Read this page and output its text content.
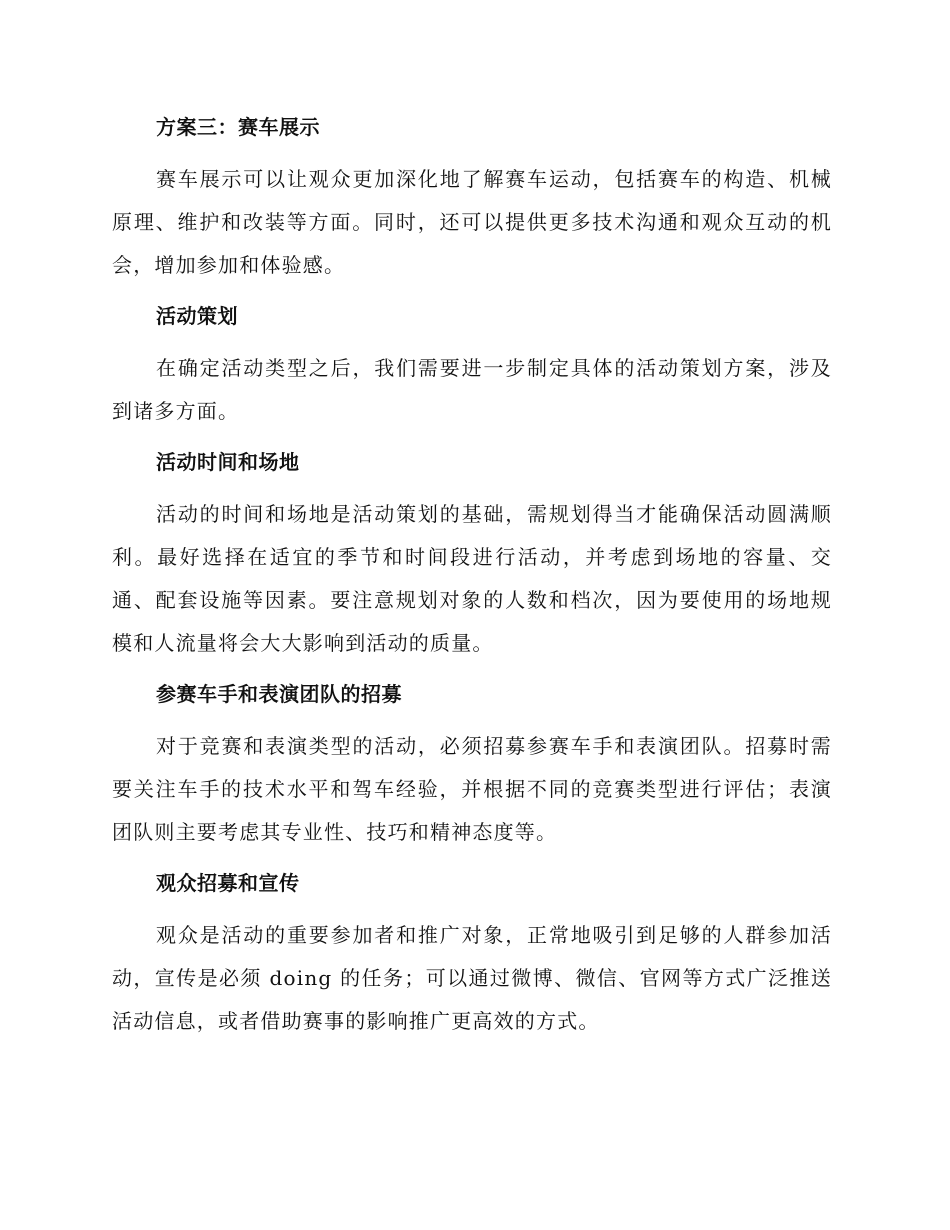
方案三：赛车展示

赛车展示可以让观众更加深化地了解赛车运动，包括赛车的构造、机械原理、维护和改装等方面。同时，还可以提供更多技术沟通和观众互动的机会，增加参加和体验感。

活动策划

在确定活动类型之后，我们需要进一步制定具体的活动策划方案，涉及到诸多方面。

活动时间和场地

活动的时间和场地是活动策划的基础，需规划得当才能确保活动圆满顺利。最好选择在适宜的季节和时间段进行活动，并考虑到场地的容量、交通、配套设施等因素。要注意规划对象的人数和档次，因为要使用的场地规模和人流量将会大大影响到活动的质量。

参赛车手和表演团队的招募

对于竞赛和表演类型的活动，必须招募参赛车手和表演团队。招募时需要关注车手的技术水平和驾车经验，并根据不同的竞赛类型进行评估；表演团队则主要考虑其专业性、技巧和精神态度等。

观众招募和宣传

观众是活动的重要参加者和推广对象，正常地吸引到足够的人群参加活动，宣传是必须 doing 的任务；可以通过微博、微信、官网等方式广泛推送活动信息，或者借助赛事的影响推广更高效的方式。
